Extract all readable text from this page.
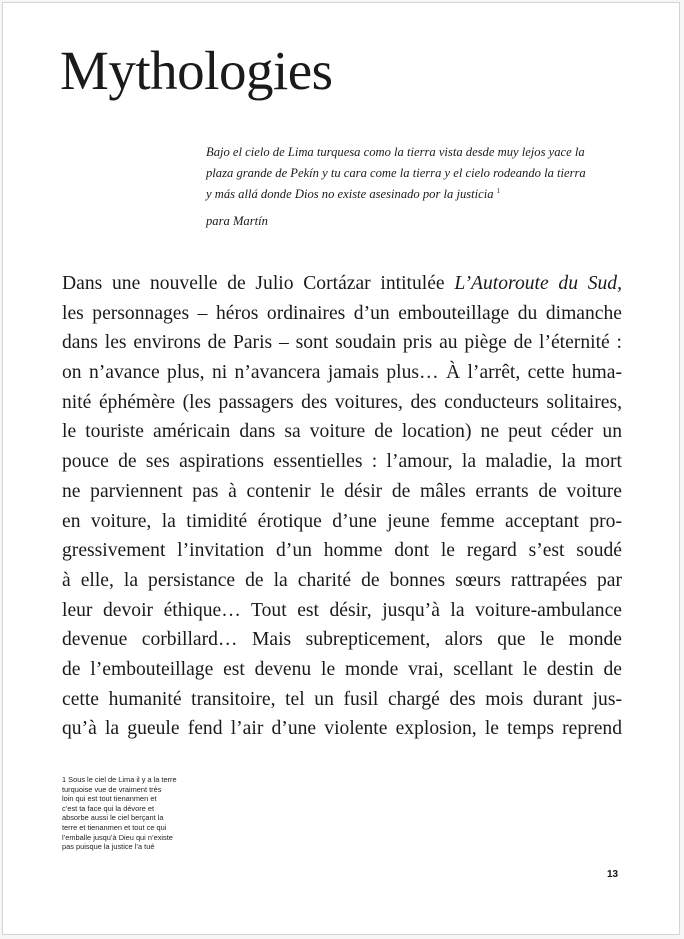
Mythologies
Bajo el cielo de Lima turquesa como la tierra vista desde muy lejos yace la
plaza grande de Pekín y tu cara come la tierra y el cielo rodeando la tierra
y más allá donde Dios no existe asesinado por la justicia $^1$
para Martín
Dans une nouvelle de Julio Cortázar intitulée L’Autoroute du Sud,
les personnages – héros ordinaires d’un embouteillage du dimanche
dans les environs de Paris – sont soudain pris au piège de l’éternité :
on n’avance plus, ni n’avancera jamais plus… À l’arrêt, cette huma-
nité éphémère (les passagers des voitures, des conducteurs solitaires,
le touriste américain dans sa voiture de location) ne peut céder un
pouce de ses aspirations essentielles : l’amour, la maladie, la mort
ne parviennent pas à contenir le désir de mâles errants de voiture
en voiture, la timidité érotique d’une jeune femme acceptant pro-
gressivement l’invitation d’un homme dont le regard s’est soudé
à elle, la persistance de la charité de bonnes sœurs rattrapées par
leur devoir éthique… Tout est désir, jusqu’à la voiture-ambulance
devenue corbillard… Mais subrepticement, alors que le monde
de l’embouteillage est devenu le monde vrai, scellant le destin de
cette humanité transitoire, tel un fusil chargé des mois durant jus-
qu’à la gueule fend l’air d’une violente explosion, le temps reprend
1 Sous le ciel de Lima il y a la terre
turquoise vue de vraiment très
loin qui est tout tienanmen et
c’est ta face qui la dévore et
absorbe aussi le ciel berçant la
terre et tienanmen et tout ce qui
l’emballe jusqu’à Dieu qui n’existe
pas puisque la justice l’a tué
13
